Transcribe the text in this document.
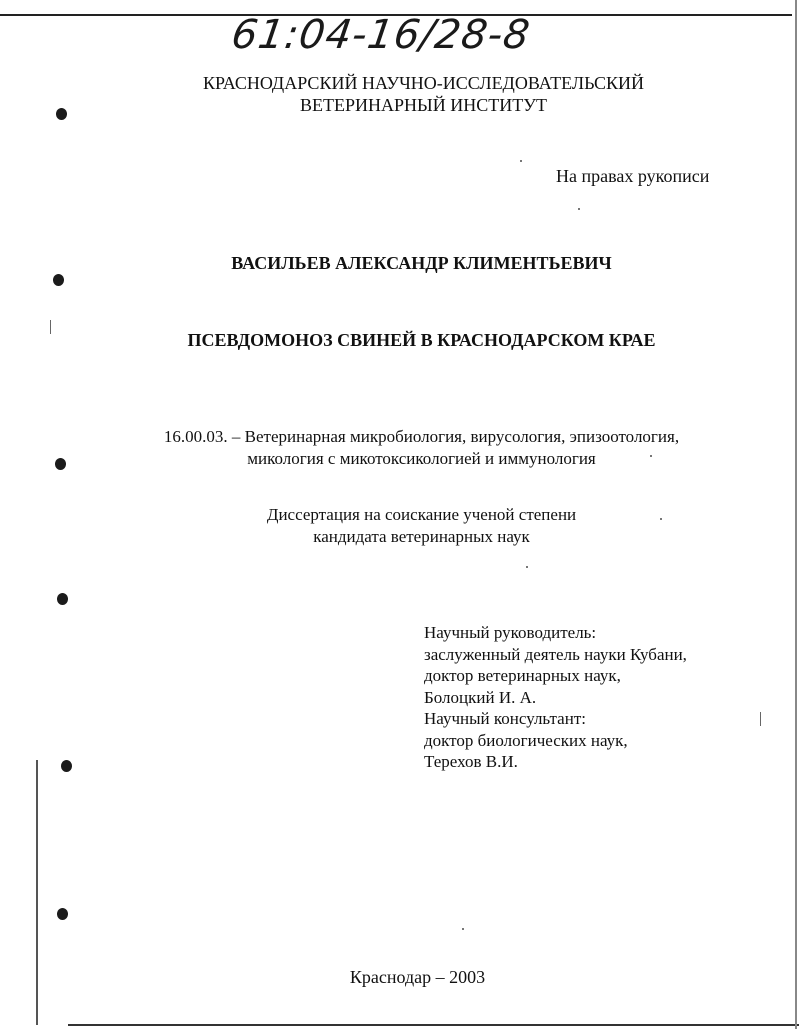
61:04-16/28-8
КРАСНОДАРСКИЙ НАУЧНО-ИССЛЕДОВАТЕЛЬСКИЙ
ВЕТЕРИНАРНЫЙ ИНСТИТУТ
На правах рукописи
ВАСИЛЬЕВ АЛЕКСАНДР КЛИМЕНТЬЕВИЧ
ПСЕВДОМОНОЗ СВИНЕЙ В КРАСНОДАРСКОМ КРАЕ
16.00.03. – Ветеринарная микробиология, вирусология, эпизоотология,
микология с микотоксикологией и иммунология
Диссертация на соискание ученой степени
кандидата ветеринарных наук
Научный руководитель:
заслуженный деятель науки Кубани,
доктор ветеринарных наук,
Болоцкий И. А.
Научный консультант:
доктор биологических наук,
Терехов В.И.
Краснодар – 2003
